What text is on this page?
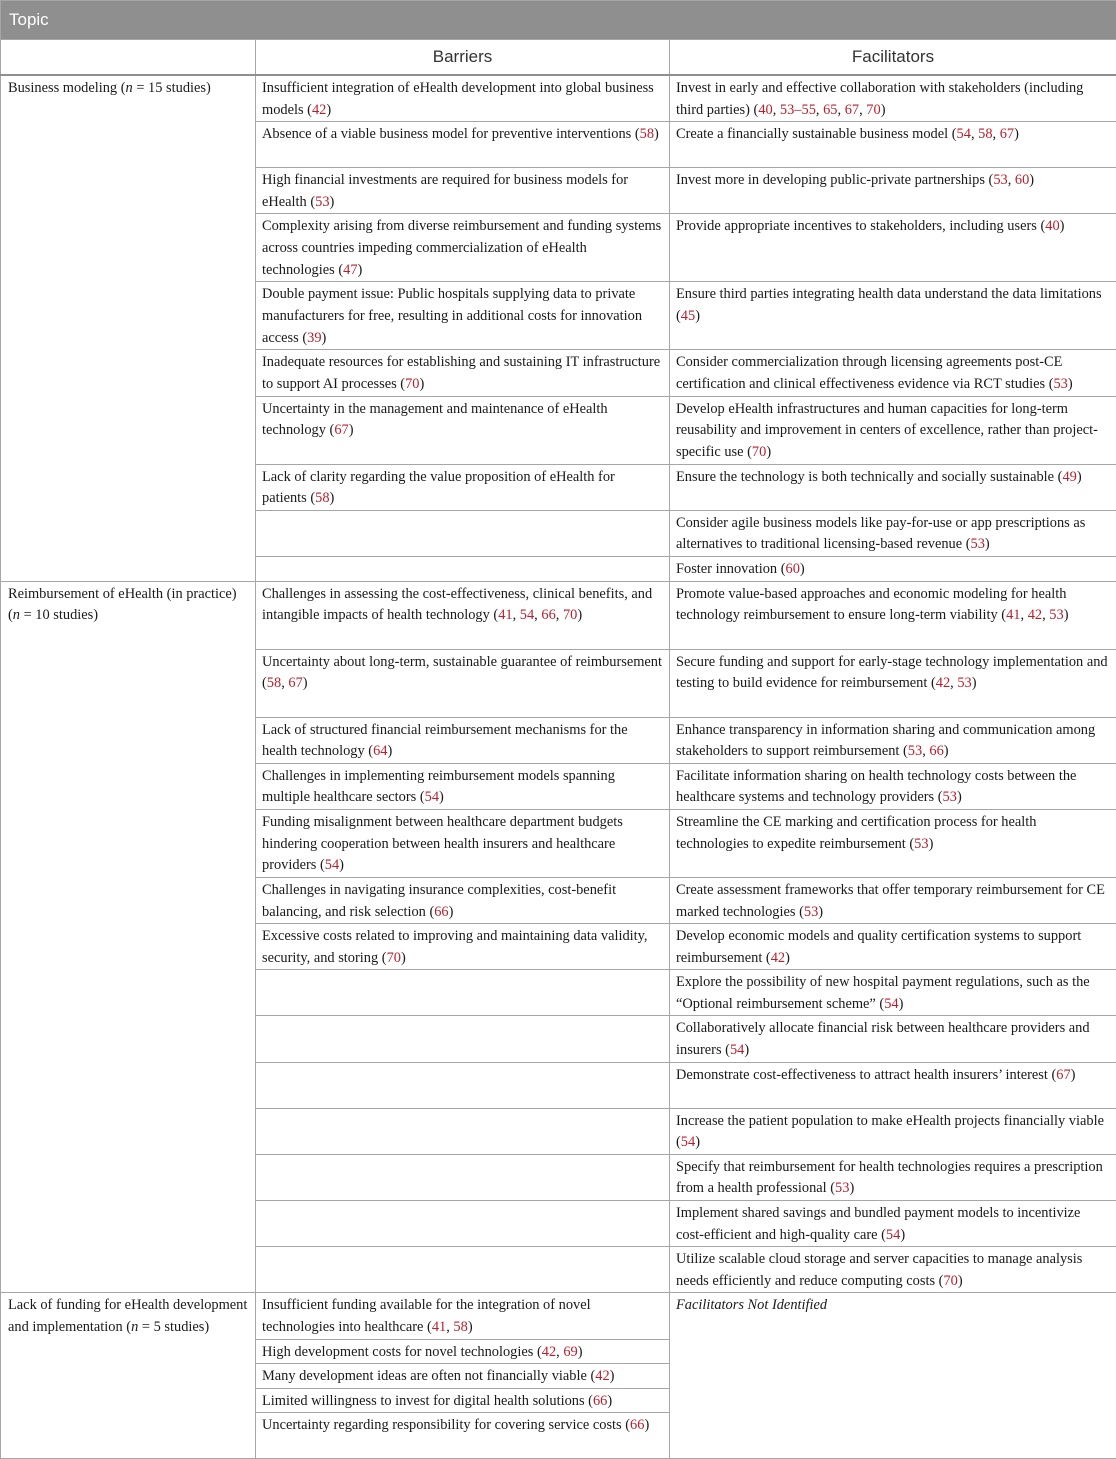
Topic		
	Barriers	Facilitators
Business modeling (n = 15 studies)	Insufficient integration of eHealth development into global business models (42)	Invest in early and effective collaboration with stakeholders (including third parties) (40, 53–55, 65, 67, 70)
	Absence of a viable business model for preventive interventions (58)	Create a financially sustainable business model (54, 58, 67)
	High financial investments are required for business models for eHealth (53)	Invest more in developing public-private partnerships (53, 60)
	Complexity arising from diverse reimbursement and funding systems across countries impeding commercialization of eHealth technologies (47)	Provide appropriate incentives to stakeholders, including users (40)
	Double payment issue: Public hospitals supplying data to private manufacturers for free, resulting in additional costs for innovation access (39)	Ensure third parties integrating health data understand the data limitations (45)
	Inadequate resources for establishing and sustaining IT infrastructure to support AI processes (70)	Consider commercialization through licensing agreements post-CE certification and clinical effectiveness evidence via RCT studies (53)
	Uncertainty in the management and maintenance of eHealth technology (67)	Develop eHealth infrastructures and human capacities for long-term reusability and improvement in centers of excellence, rather than project-specific use (70)
	Lack of clarity regarding the value proposition of eHealth for patients (58)	Ensure the technology is both technically and socially sustainable (49)
		Consider agile business models like pay-for-use or app prescriptions as alternatives to traditional licensing-based revenue (53)
		Foster innovation (60)
Reimbursement of eHealth (in practice) (n = 10 studies)	Challenges in assessing the cost-effectiveness, clinical benefits, and intangible impacts of health technology (41, 54, 66, 70)	Promote value-based approaches and economic modeling for health technology reimbursement to ensure long-term viability (41, 42, 53)
	Uncertainty about long-term, sustainable guarantee of reimbursement (58, 67)	Secure funding and support for early-stage technology implementation and testing to build evidence for reimbursement (42, 53)
	Lack of structured financial reimbursement mechanisms for the health technology (64)	Enhance transparency in information sharing and communication among stakeholders to support reimbursement (53, 66)
	Challenges in implementing reimbursement models spanning multiple healthcare sectors (54)	Facilitate information sharing on health technology costs between the healthcare systems and technology providers (53)
	Funding misalignment between healthcare department budgets hindering cooperation between health insurers and healthcare providers (54)	Streamline the CE marking and certification process for health technologies to expedite reimbursement (53)
	Challenges in navigating insurance complexities, cost-benefit balancing, and risk selection (66)	Create assessment frameworks that offer temporary reimbursement for CE marked technologies (53)
	Excessive costs related to improving and maintaining data validity, security, and storing (70)	Develop economic models and quality certification systems to support reimbursement (42)
		Explore the possibility of new hospital payment regulations, such as the “Optional reimbursement scheme” (54)
		Collaboratively allocate financial risk between healthcare providers and insurers (54)
		Demonstrate cost-effectiveness to attract health insurers’ interest (67)
		Increase the patient population to make eHealth projects financially viable (54)
		Specify that reimbursement for health technologies requires a prescription from a health professional (53)
		Implement shared savings and bundled payment models to incentivize cost-efficient and high-quality care (54)
		Utilize scalable cloud storage and server capacities to manage analysis needs efficiently and reduce computing costs (70)
Lack of funding for eHealth development and implementation (n = 5 studies)	Insufficient funding available for the integration of novel technologies into healthcare (41, 58)	Facilitators Not Identified
	High development costs for novel technologies (42, 69)	
	Many development ideas are often not financially viable (42)	
	Limited willingness to invest for digital health solutions (66)	
	Uncertainty regarding responsibility for covering service costs (66)	
